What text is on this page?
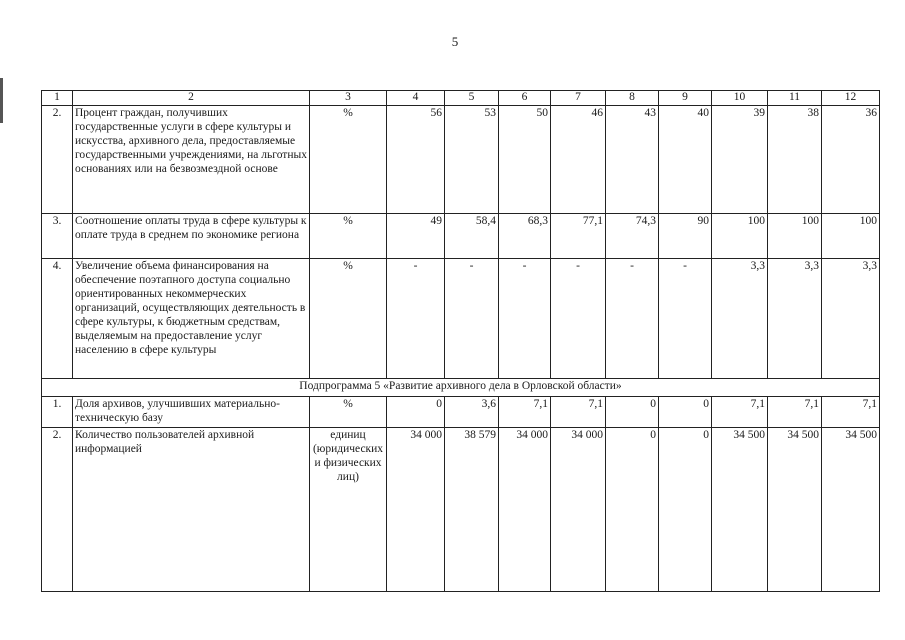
5
1	2	3	4	5	6	7	8	9	10	11	12
2.	Процент граждан, получивших государственные услуги в сфере культуры и искусства, архивного дела, предоставляемые государственными учреждениями, на льготных основаниях или на безвозмездной основе	%	56	53	50	46	43	40	39	38	36
3.	Соотношение оплаты труда в сфере культуры к оплате труда в среднем по экономике региона	%	49	58,4	68,3	77,1	74,3	90	100	100	100
4.	Увеличение объема финансирования на обеспечение поэтапного доступа социально ориентированных некоммерческих организаций, осуществляющих деятельность в сфере культуры, к бюджетным средствам, выделяемым на предоставление услуг населению в сфере культуры	%	-	-	-	-	-	-	3,3	3,3	3,3
Подпрограмма 5 «Развитие архивного дела в Орловской области»											
1.	Доля архивов, улучшивших материально-техническую базу	%	0	3,6	7,1	7,1	0	0	7,1	7,1	7,1
2.	Количество пользователей архивной информацией	единиц (юридических и физических лиц)	34 000	38 579	34 000	34 000	0	0	34 500	34 500	34 500
